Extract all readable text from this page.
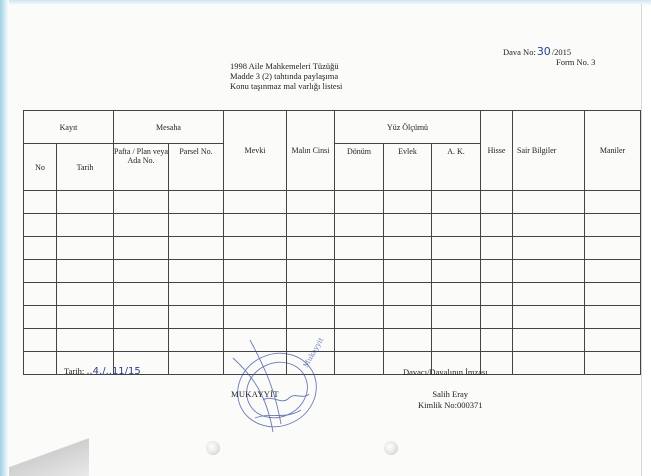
Dava No:30/2015
Form No. 3
1998 Aile Mahkemeleri Tüzüğü
Madde 3 (2) tahtında paylaşıma
Konu taşınmaz mal varlığı listesi
Kayıt		Mesaha		Mevki	Malın Cinsi	Yüz Ölçümü			Hisse	Sair Bilgiler	Maniler
No	Tarih	Pafta / Plan veya Ada No.	Parsel No.			Dönüm	Evlek	A. K.			

Tarih: ..4./..11/15
Mukayyit
MUKAYYİT
Davacı/Davalının İmzası
Salih Eray
Kimlik No:000371
